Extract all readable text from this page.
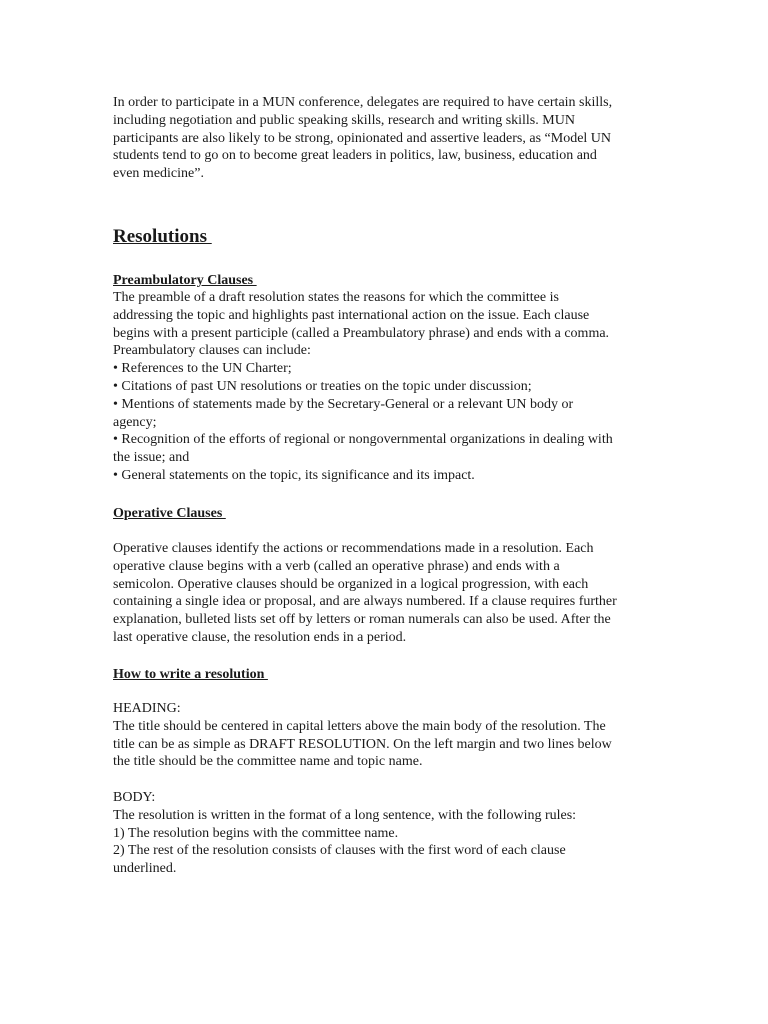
In order to participate in a MUN conference, delegates are required to have certain skills,
including negotiation and public speaking skills, research and writing skills. MUN
participants are also likely to be strong, opinionated and assertive leaders, as “Model UN
students tend to go on to become great leaders in politics, law, business, education and
even medicine”.
Resolutions
Preambulatory Clauses
The preamble of a draft resolution states the reasons for which the committee is
addressing the topic and highlights past international action on the issue. Each clause
begins with a present participle (called a Preambulatory phrase) and ends with a comma.
Preambulatory clauses can include:
• References to the UN Charter;
• Citations of past UN resolutions or treaties on the topic under discussion;
• Mentions of statements made by the Secretary-General or a relevant UN body or
agency;
• Recognition of the efforts of regional or nongovernmental organizations in dealing with
the issue; and
• General statements on the topic, its significance and its impact.
Operative Clauses
Operative clauses identify the actions or recommendations made in a resolution. Each
operative clause begins with a verb (called an operative phrase) and ends with a
semicolon. Operative clauses should be organized in a logical progression, with each
containing a single idea or proposal, and are always numbered. If a clause requires further
explanation, bulleted lists set off by letters or roman numerals can also be used. After the
last operative clause, the resolution ends in a period.
How to write a resolution
HEADING:
The title should be centered in capital letters above the main body of the resolution. The
title can be as simple as DRAFT RESOLUTION. On the left margin and two lines below
the title should be the committee name and topic name.
BODY:
The resolution is written in the format of a long sentence, with the following rules:
1) The resolution begins with the committee name.
2) The rest of the resolution consists of clauses with the first word of each clause
underlined.
